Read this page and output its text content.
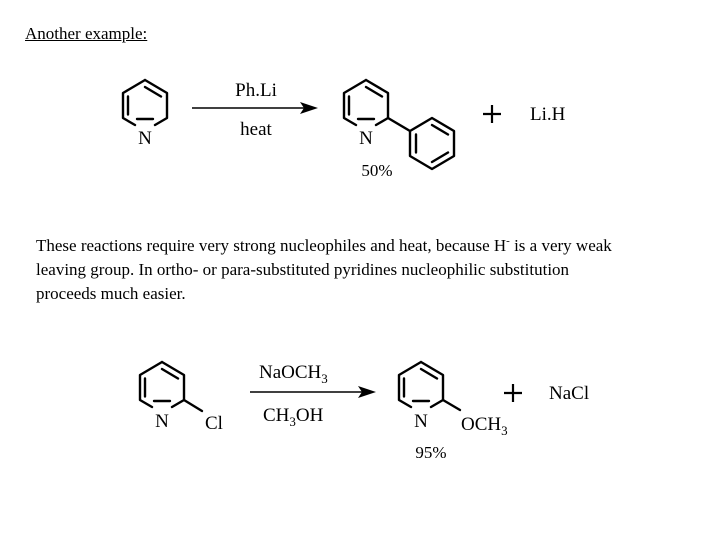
Another example:
N
Ph.Li
heat	N
50%
Li.H
These reactions require very strong nucleophiles and heat, because H- is a very weak
leaving group. In ortho- or para-substituted pyridines nucleophilic substitution
proceeds much easier.
N Cl
NaOCH$_3$
$CH_3OH$	N $OCH_3$
95%
NaCl
